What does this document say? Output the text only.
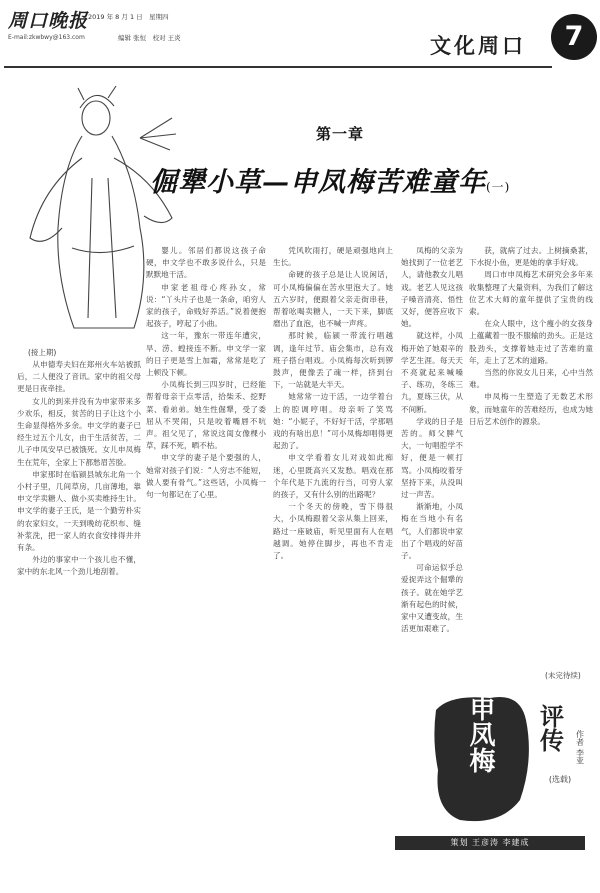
周口晚报
E-mail:zkwbwy@163.com
2019 年 8 月 1 日　星期四
编辑 张恒　校对 王炎	文化周口	7
(接上期)
第一章
倔犟小草—申凤梅苦难童年(一)

从申德寿夫妇在郑州火车站被抓后，二人便没了音讯。家中的祖父母更是日夜牵挂。

女儿的到来并没有为申家带来多少欢乐，相反，贫苦的日子让这个小生命显得格外多余。申文学的妻子已经生过五个儿女，由于生活贫苦，二儿子申凤安早已被饿死。女儿申凤梅生在荒年，全家上下都愁眉苦脸。

申家那时在临颍县城东北角一个小村子里，几间草房，几亩薄地，靠申文学卖糖人、做小买卖维持生计。申文学的妻子王氏，是一个勤劳朴实的农家妇女，一天到晚纺花织布、缝补浆洗，把一家人的衣食安排得井井有条。

外边的事家中一个孩儿也不懂，家中的东北风一个劲儿地刮着。

婴儿。邻居们都说这孩子命硬，申文学也不敢多说什么，只是默默地干活。

申家老祖母心疼孙女，常说：“丫头片子也是一条命，咱穷人家的孩子，命贱好养活。”说着便抱起孩子，哼起了小曲。

这一年，豫东一带连年遭灾，旱、涝、蝗接连不断。申文学一家的日子更是雪上加霜，常常是吃了上顿没下顿。

小凤梅长到三四岁时，已经能帮着母亲干点零活，拾柴禾、挖野菜、看弟弟。她生性倔犟，受了委屈从不哭闹，只是咬着嘴唇不吭声。祖父见了，常说这闺女像棵小草，踩不死，晒不枯。

申文学的妻子是个要强的人，她常对孩子们说：“人穷志不能短，做人要有骨气。”这些话，小凤梅一句一句都记在了心里。

凭风吹雨打，硬是顽强地向上生长。

命硬的孩子总是让人说闲话，可小凤梅偏偏在苦水里泡大了。她五六岁时，便跟着父亲走街串巷，帮着吆喝卖糖人，一天下来，脚底磨出了血泡，也不喊一声疼。

那时候，临颍一带流行唱越调，逢年过节、庙会集市，总有戏班子搭台唱戏。小凤梅每次听到锣鼓声，便像丢了魂一样，挤到台下，一站就是大半天。

她常常一边干活，一边学着台上的腔调哼唱。母亲听了笑骂她：“小妮子，不好好干活，学那唱戏的有啥出息！”可小凤梅却唱得更起劲了。

申文学看着女儿对戏如此痴迷，心里既高兴又发愁。唱戏在那个年代是下九流的行当，可穷人家的孩子，又有什么别的出路呢？

一个冬天的傍晚，雪下得很大，小凤梅跟着父亲从集上回来，路过一座破庙，听见里面有人在唱越调。她停住脚步，再也不肯走了。

凤梅的父亲为她找到了一位老艺人，请他教女儿唱戏。老艺人见这孩子嗓音清亮、悟性又好，便答应收下她。

就这样，小凤梅开始了她艰辛的学艺生涯。每天天不亮就起来喊嗓子、练功，冬练三九，夏练三伏，从不间断。

学戏的日子是苦的。师父脾气大，一句唱腔学不好，便是一顿打骂。小凤梅咬着牙坚持下来，从没叫过一声苦。

渐渐地，小凤梅在当地小有名气，人们都说申家出了个唱戏的好苗子。

可命运似乎总爱捉弄这个倔犟的孩子。就在她学艺渐有起色的时候，家中又遭变故，生活更加艰难了。

获，就病了过去。上树摘桑葚，下水捉小鱼，更是她的拿手好戏。

周口市申凤梅艺术研究会多年来收集整理了大量资料，为我们了解这位艺术大师的童年提供了宝贵的线索。

在众人眼中，这个瘦小的女孩身上蕴藏着一股不服输的劲头。正是这股劲头，支撑着她走过了苦难的童年，走上了艺术的道路。

当然的你说女儿日来，心中当然难。

申凤梅一生塑造了无数艺术形象，而她童年的苦难经历，也成为她日后艺术创作的源泉。

(未完待续)
申凤梅 评传
(选载)
作者 李亚
策划 王彦涛 李建成
